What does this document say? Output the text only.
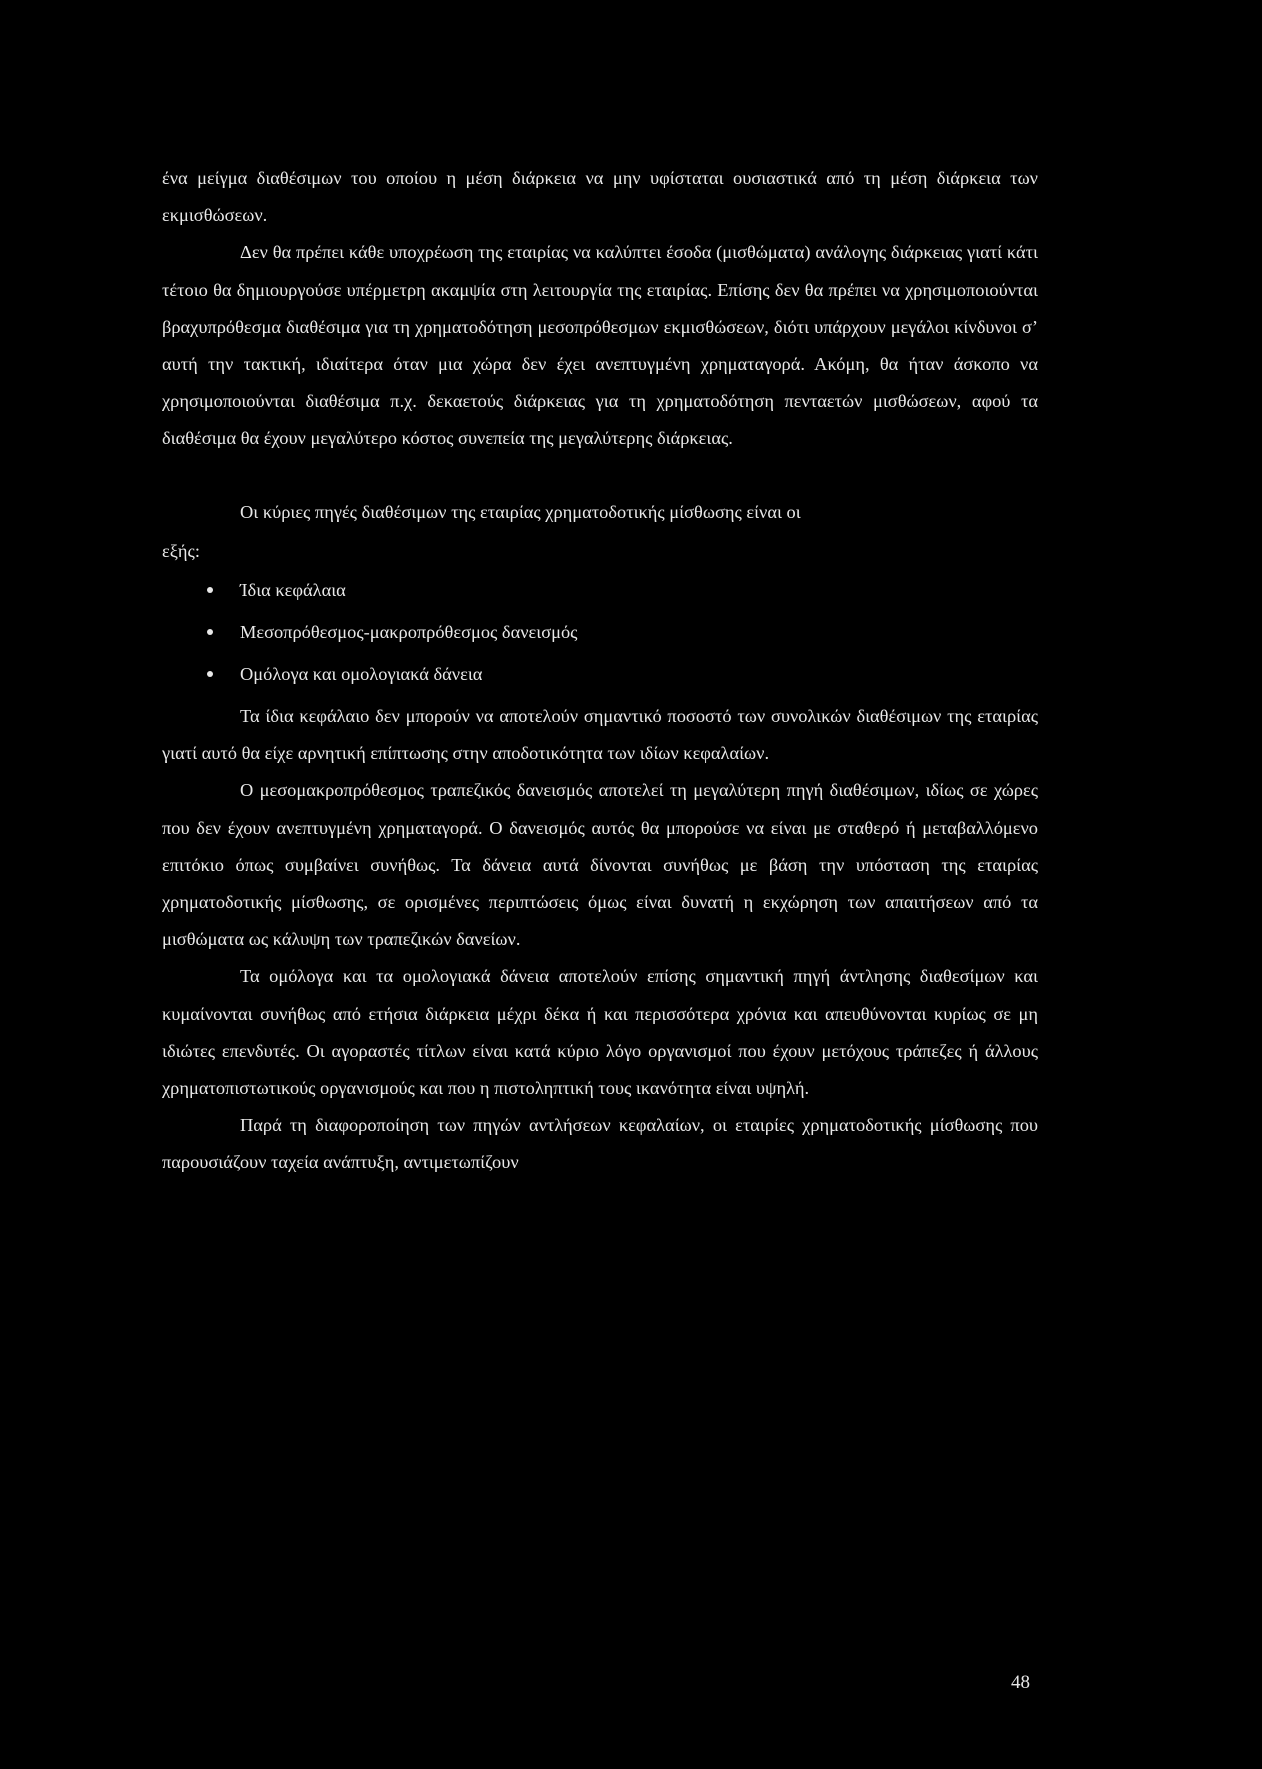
ένα μείγμα διαθέσιμων του οποίου η μέση διάρκεια να μην υφίσταται ουσιαστικά από τη μέση διάρκεια των εκμισθώσεων.

Δεν θα πρέπει κάθε υποχρέωση της εταιρίας να καλύπτει έσοδα (μισθώματα) ανάλογης διάρκειας γιατί κάτι τέτοιο θα δημιουργούσε υπέρμετρη ακαμψία στη λειτουργία της εταιρίας. Επίσης δεν θα πρέπει να χρησιμοποιούνται βραχυπρόθεσμα διαθέσιμα για τη χρηματοδότηση μεσοπρόθεσμων εκμισθώσεων, διότι υπάρχουν μεγάλοι κίνδυνοι σ’ αυτή την τακτική, ιδιαίτερα όταν μια χώρα δεν έχει ανεπτυγμένη χρηματαγορά. Ακόμη, θα ήταν άσκοπο να χρησιμοποιούνται διαθέσιμα π.χ. δεκαετούς διάρκειας για τη χρηματοδότηση πενταετών μισθώσεων, αφού τα διαθέσιμα θα έχουν μεγαλύτερο κόστος συνεπεία της μεγαλύτερης διάρκειας.

Οι κύριες πηγές διαθέσιμων της εταιρίας χρηματοδοτικής μίσθωσης είναι οι

εξής:

Ίδια κεφάλαια
Μεσοπρόθεσμος-μακροπρόθεσμος δανεισμός
Ομόλογα και ομολογιακά δάνεια

Τα ίδια κεφάλαιο δεν μπορούν να αποτελούν σημαντικό ποσοστό των συνολικών διαθέσιμων της εταιρίας γιατί αυτό θα είχε αρνητική επίπτωσης στην αποδοτικότητα των ιδίων κεφαλαίων.

Ο μεσομακροπρόθεσμος τραπεζικός δανεισμός αποτελεί τη μεγαλύτερη πηγή διαθέσιμων, ιδίως σε χώρες που δεν έχουν ανεπτυγμένη χρηματαγορά. Ο δανεισμός αυτός θα μπορούσε να είναι με σταθερό ή μεταβαλλόμενο επιτόκιο όπως συμβαίνει συνήθως. Τα δάνεια αυτά δίνονται συνήθως με βάση την υπόσταση της εταιρίας χρηματοδοτικής μίσθωσης, σε ορισμένες περιπτώσεις όμως είναι δυνατή η εκχώρηση των απαιτήσεων από τα μισθώματα ως κάλυψη των τραπεζικών δανείων.

Τα ομόλογα και τα ομολογιακά δάνεια αποτελούν επίσης σημαντική πηγή άντλησης διαθεσίμων και κυμαίνονται συνήθως από ετήσια διάρκεια μέχρι δέκα ή και περισσότερα χρόνια και απευθύνονται κυρίως σε μη ιδιώτες επενδυτές. Οι αγοραστές τίτλων είναι κατά κύριο λόγο οργανισμοί που έχουν μετόχους τράπεζες ή άλλους χρηματοπιστωτικούς οργανισμούς και που η πιστοληπτική τους ικανότητα είναι υψηλή.

Παρά τη διαφοροποίηση των πηγών αντλήσεων κεφαλαίων, οι εταιρίες χρηματοδοτικής μίσθωσης που παρουσιάζουν ταχεία ανάπτυξη, αντιμετωπίζουν

48
